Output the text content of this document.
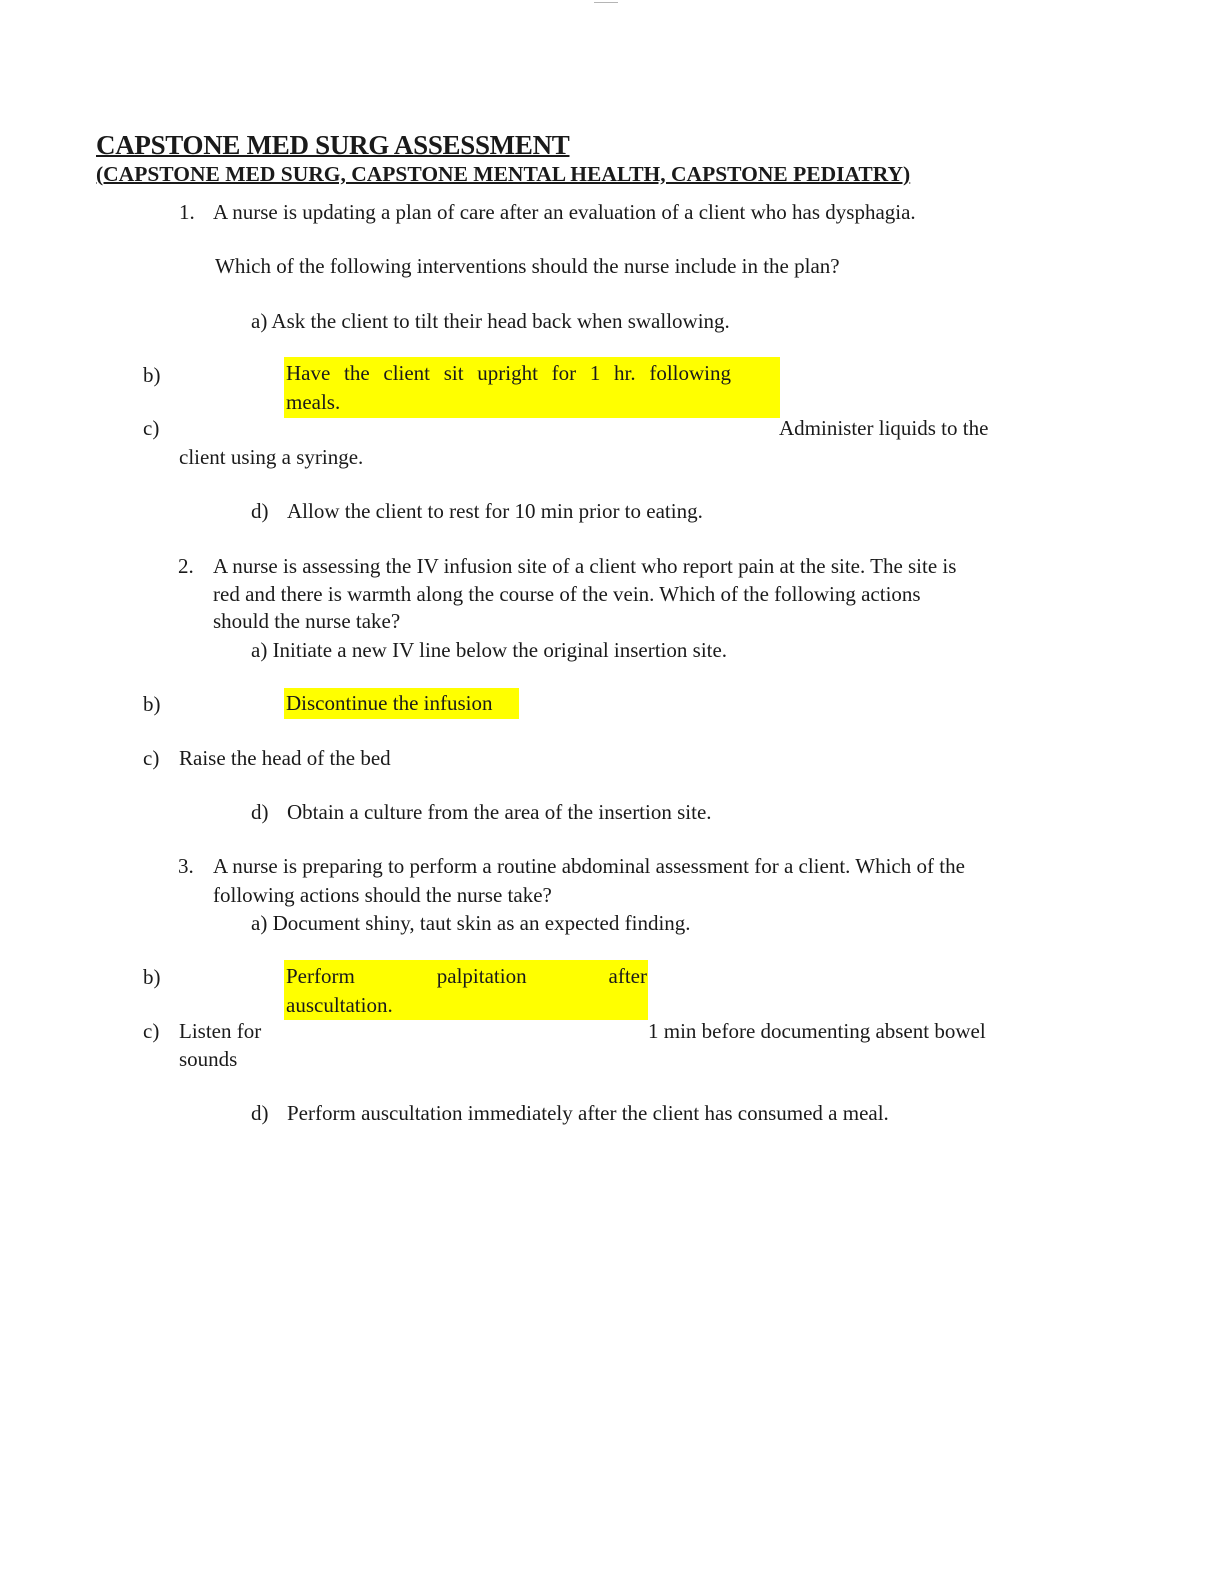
CAPSTONE MED SURG ASSESSMENT
(CAPSTONE MED SURG, CAPSTONE MENTAL HEALTH, CAPSTONE PEDIATRY)
1. A nurse is updating a plan of care after an evaluation of a client who has dysphagia.
Which of the following interventions should the nurse include in the plan?
a) Ask the client to tilt their head back when swallowing.
b)	Have the client sit upright for 1 hr. following
meals.
c)	Administer liquids to the
client using a syringe.
d) Allow the client to rest for 10 min prior to eating.
2. A nurse is assessing the IV infusion site of a client who report pain at the site. The site is
red and there is warmth along the course of the vein. Which of the following actions
should the nurse take?
a) Initiate a new IV line below the original insertion site.
b)	Discontinue the infusion
c) Raise the head of the bed
d) Obtain a culture from the area of the insertion site.
3. A nurse is preparing to perform a routine abdominal assessment for a client. Which of the
following actions should the nurse take?
a) Document shiny, taut skin as an expected finding.
b)	Perform palpitation after
auscultation.
c) Listen for	1 min before documenting absent bowel
sounds
d) Perform auscultation immediately after the client has consumed a meal.
